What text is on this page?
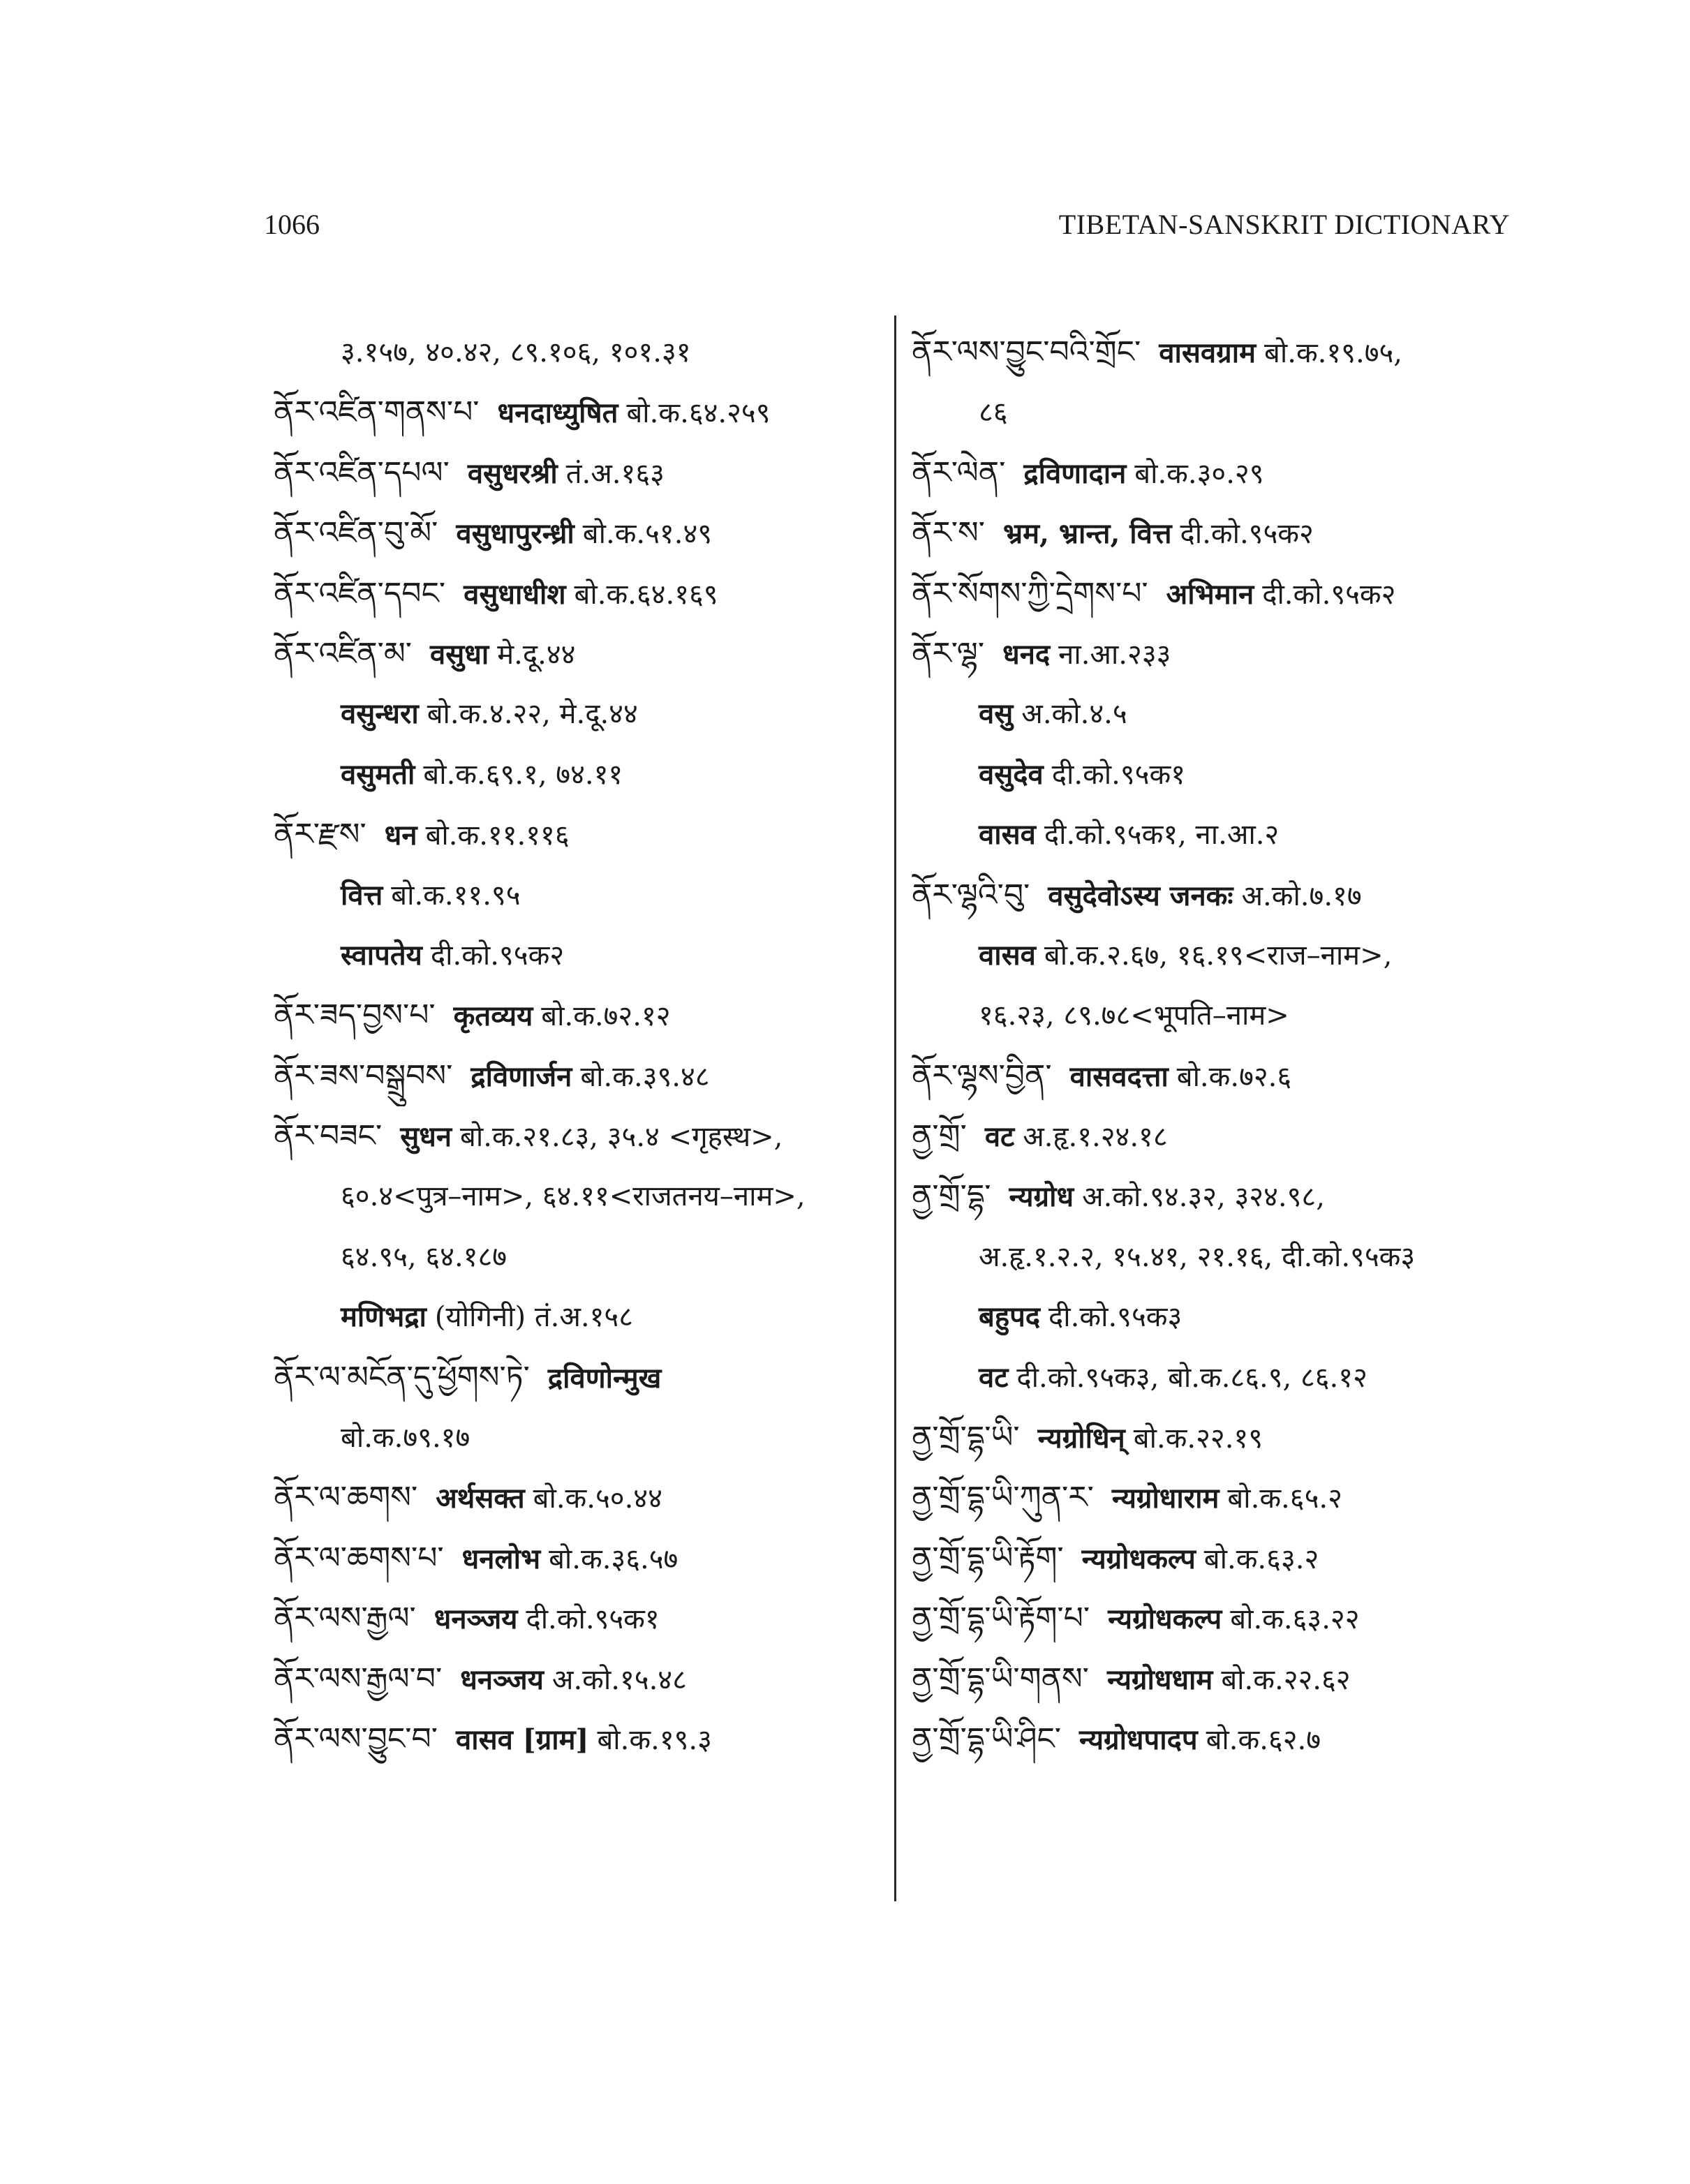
1066	TIBETAN-SANSKRIT DICTIONARY
३.१५७, ४०.४२, ८९.१०६, १०१.३१
ནོར་འཛིན་གནས་པ་ धनदाध्युषित बो.क.६४.२५९
ནོར་འཛིན་དཔལ་ वसुधरश्री तं.अ.१६३
ནོར་འཛིན་བུ་མོ་ वसुधापुरन्ध्री बो.क.५१.४९
ནོར་འཛིན་དབང་ वसुधाधीश बो.क.६४.१६९
ནོར་འཛིན་མ་ वसुधा मे.दू.४४
वसुन्धरा बो.क.४.२२, मे.दू.४४
वसुमती बो.क.६९.१, ७४.११
ནོར་རྫས་ धन बो.क.११.११६
वित्त बो.क.११.९५
स्वापतेय दी.को.९५क२
ནོར་ཟད་བྱས་པ་ कृतव्यय बो.क.७२.१२
ནོར་ཟས་བསྒྲུབས་ द्रविणार्जन बो.क.३९.४८
ནོར་བཟང་ सुधन बो.क.२१.८३, ३५.४ <गृहस्थ>,
६०.४<पुत्र–नाम>, ६४.११<राजतनय–नाम>,
६४.९५, ६४.१८७
मणिभद्रा (योगिनी) तं.अ.१५८
ནོར་ལ་མངོན་དུ་ཕྱོགས་ཏེ་ द्रविणोन्मुख
बो.क.७९.१७
ནོར་ལ་ཆགས་ अर्थसक्त बो.क.५०.४४
ནོར་ལ་ཆགས་པ་ धनलोभ बो.क.३६.५७
ནོར་ལས་རྒྱལ་ धनञ्जय दी.को.९५क१
ནོར་ལས་རྒྱལ་བ་ धनञ्जय अ.को.१५.४८
ནོར་ལས་བྱུང་བ་ वासव [ग्राम] बो.क.१९.३
ནོར་ལས་བྱུང་བའི་གྲོང་ वासवग्राम बो.क.१९.७५,
८६
ནོར་ལེན་ द्रविणादान बो.क.३०.२९
ནོར་ས་ भ्रम, भ्रान्त, वित्त दी.को.९५क२
ནོར་སོགས་ཀྱི་དྲེགས་པ་ अभिमान दी.को.९५क२
ནོར་ལྷ་ धनद ना.आ.२३३
वसु अ.को.४.५
वसुदेव दी.को.९५क१
वासव दी.को.९५क१, ना.आ.२
ནོར་ལྷའི་བུ་ वसुदेवोऽस्य जनकः अ.को.७.१७
वासव बो.क.२.६७, १६.१९<राज–नाम>,
१६.२३, ८९.७८<भूपति–नाम>
ནོར་ལྷས་བྱིན་ वासवदत्ता बो.क.७२.६
ནྱ་གྲོ་ वट अ.हृ.१.२४.१८
ནྱ་གྲོ་དྷ་ न्यग्रोध अ.को.९४.३२, ३२४.९८,
अ.हृ.१.२.२, १५.४१, २१.१६, दी.को.९५क३
बहुपद दी.को.९५क३
वट दी.को.९५क३, बो.क.८६.९, ८६.१२
ནྱ་གྲོ་དྷ་ཡི་ न्यग्रोधिन् बो.क.२२.१९
ནྱ་གྲོ་དྷ་ཡི་ཀུན་ར་ न्यग्रोधाराम बो.क.६५.२
ནྱ་གྲོ་དྷ་ཡི་རྟོག་ न्यग्रोधकल्प बो.क.६३.२
ནྱ་གྲོ་དྷ་ཡི་རྟོག་པ་ न्यग्रोधकल्प बो.क.६३.२२
ནྱ་གྲོ་དྷ་ཡི་གནས་ न्यग्रोधधाम बो.क.२२.६२
ནྱ་གྲོ་དྷ་ཡི་ཤིང་ न्यग्रोधपादप बो.क.६२.७
